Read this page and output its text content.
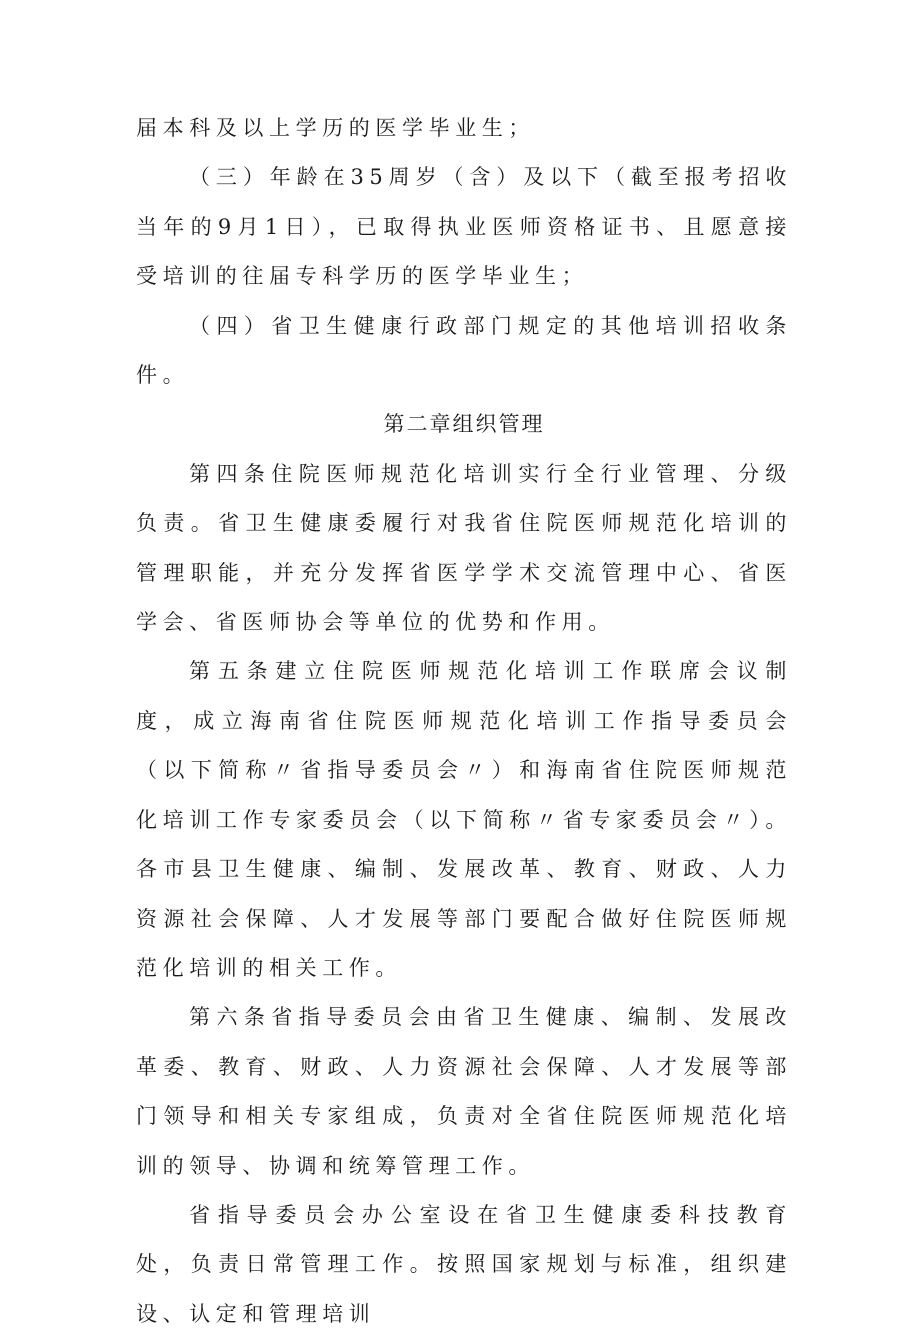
届本科及以上学历的医学毕业生；

（三）年龄在35周岁（含）及以下（截至报考招收当年的9月1日），已取得执业医师资格证书、且愿意接受培训的往届专科学历的医学毕业生；

（四）省卫生健康行政部门规定的其他培训招收条件。

第二章组织管理

第四条住院医师规范化培训实行全行业管理、分级负责。省卫生健康委履行对我省住院医师规范化培训的管理职能，并充分发挥省医学学术交流管理中心、省医学会、省医师协会等单位的优势和作用。

第五条建立住院医师规范化培训工作联席会议制度，成立海南省住院医师规范化培训工作指导委员会（以下简称〃省指导委员会〃）和海南省住院医师规范化培训工作专家委员会（以下简称〃省专家委员会〃）。各市县卫生健康、编制、发展改革、教育、财政、人力资源社会保障、人才发展等部门要配合做好住院医师规范化培训的相关工作。

第六条省指导委员会由省卫生健康、编制、发展改革委、教育、财政、人力资源社会保障、人才发展等部门领导和相关专家组成，负责对全省住院医师规范化培训的领导、协调和统筹管理工作。

省指导委员会办公室设在省卫生健康委科技教育处，负责日常管理工作。按照国家规划与标准，组织建设、认定和管理培训
